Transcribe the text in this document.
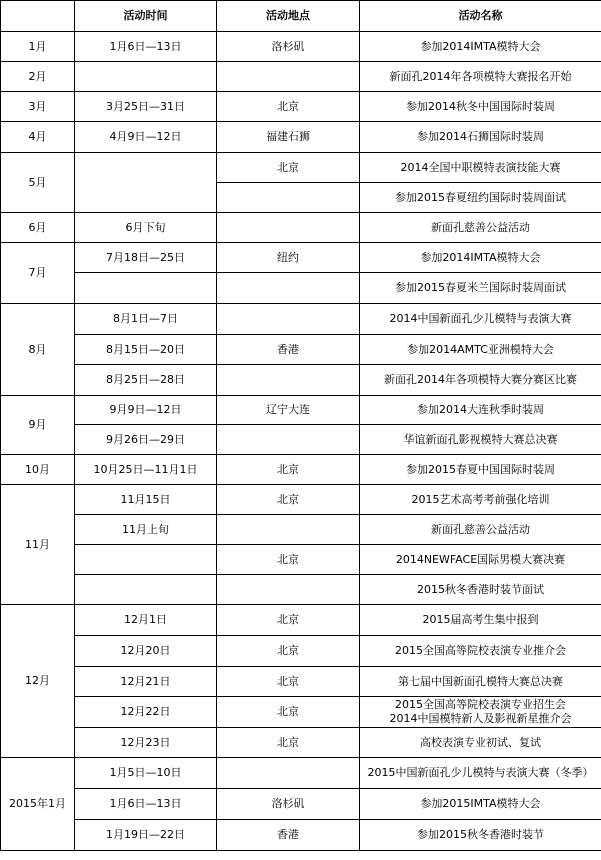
	活动时间	活动地点	活动名称
1月	1月6日—13日	洛杉矶	参加2014IMTA模特大会
2月			新面孔2014年各项模特大赛报名开始
3月	3月25日—31日	北京	参加2014秋冬中国国际时装周
4月	4月9日—12日	福建石狮	参加2014石狮国际时装周
5月		北京	2014全国中职模特表演技能大赛
			参加2015春夏纽约国际时装周面试
6月	6月下旬		新面孔慈善公益活动
7月	7月18日—25日	纽约	参加2014IMTA模特大会
			参加2015春夏米兰国际时装周面试
8月	8月1日—7日		2014中国新面孔少儿模特与表演大赛
	8月15日—20日	香港	参加2014AMTC亚洲模特大会
	8月25日—28日		新面孔2014年各项模特大赛分赛区比赛
9月	9月9日—12日	辽宁大连	参加2014大连秋季时装周
	9月26日—29日		华谊新面孔影视模特大赛总决赛
10月	10月25日—11月1日	北京	参加2015春夏中国国际时装周
11月	11月15日	北京	2015艺术高考考前强化培训
	11月上旬		新面孔慈善公益活动
		北京	2014NEWFACE国际男模大赛决赛
			2015秋冬香港时装节面试
12月	12月1日	北京	2015届高考生集中报到
	12月20日	北京	2015全国高等院校表演专业推介会
	12月21日	北京	第七届中国新面孔模特大赛总决赛
	12月22日	北京	2015全国高等院校表演专业招生会
2014中国模特新人及影视新星推介会

	12月23日	北京	高校表演专业初试、复试
2015年1月	1月5日—10日		2015中国新面孔少儿模特与表演大赛（冬季）
	1月6日—13日	洛杉矶	参加2015IMTA模特大会
	1月19日—22日	香港	参加2015秋冬香港时装节
